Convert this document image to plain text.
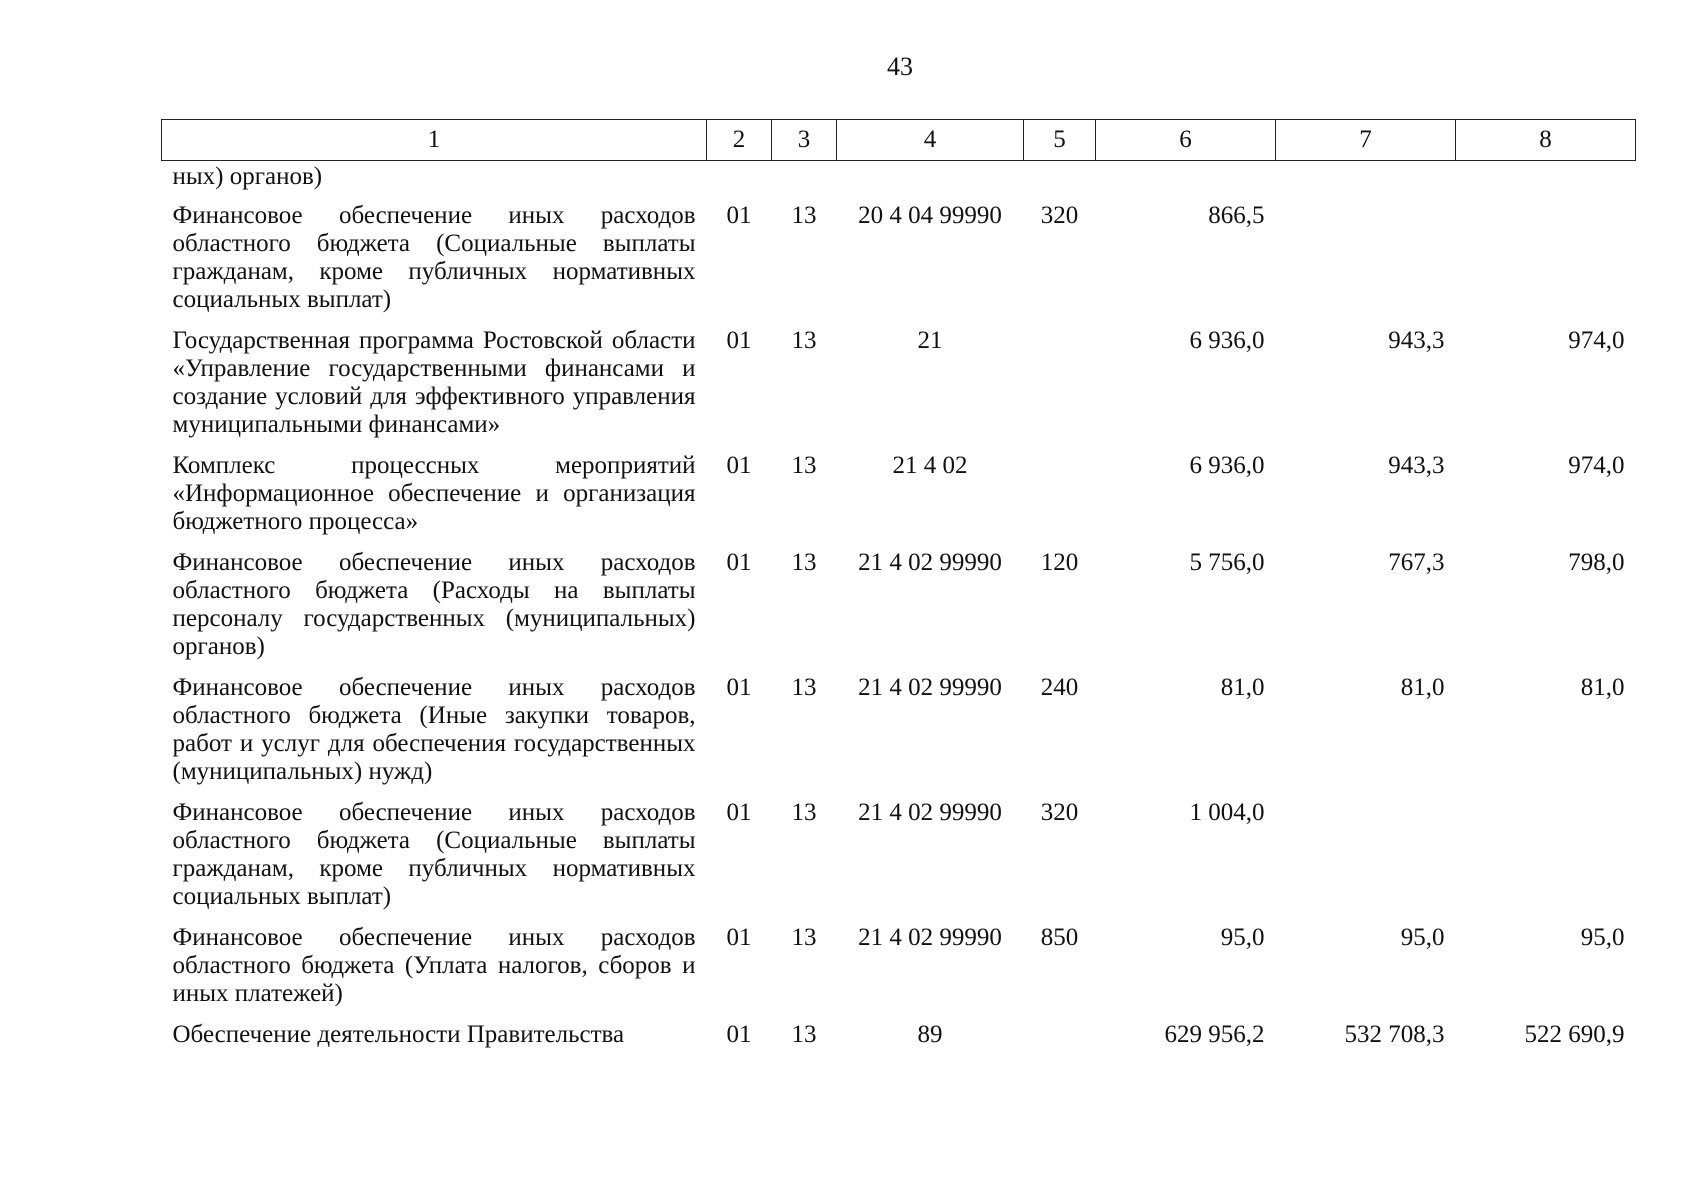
43
1	2	3	4	5	6	7	8
ных) органов)							
Финансовое обеспечение иных расходов областного бюджета (Социальные выплаты гражданам, кроме публичных нормативных социальных выплат)	01	13	20 4 04 99990	320	866,5		
Государственная программа Ростовской области «Управление государственными финансами и создание условий для эффективного управления муниципальными финансами»	01	13	21		6 936,0	943,3	974,0
Комплекс процессных мероприятий «Информационное обеспечение и организация бюджетного процесса»	01	13	21 4 02		6 936,0	943,3	974,0
Финансовое обеспечение иных расходов областного бюджета (Расходы на выплаты персоналу государственных (муниципальных) органов)	01	13	21 4 02 99990	120	5 756,0	767,3	798,0
Финансовое обеспечение иных расходов областного бюджета (Иные закупки товаров, работ и услуг для обеспечения государственных (муниципальных) нужд)	01	13	21 4 02 99990	240	81,0	81,0	81,0
Финансовое обеспечение иных расходов областного бюджета (Социальные выплаты гражданам, кроме публичных нормативных социальных выплат)	01	13	21 4 02 99990	320	1 004,0		
Финансовое обеспечение иных расходов областного бюджета (Уплата налогов, сборов и иных платежей)	01	13	21 4 02 99990	850	95,0	95,0	95,0
Обеспечение деятельности Правительства	01	13	89		629 956,2	532 708,3	522 690,9
